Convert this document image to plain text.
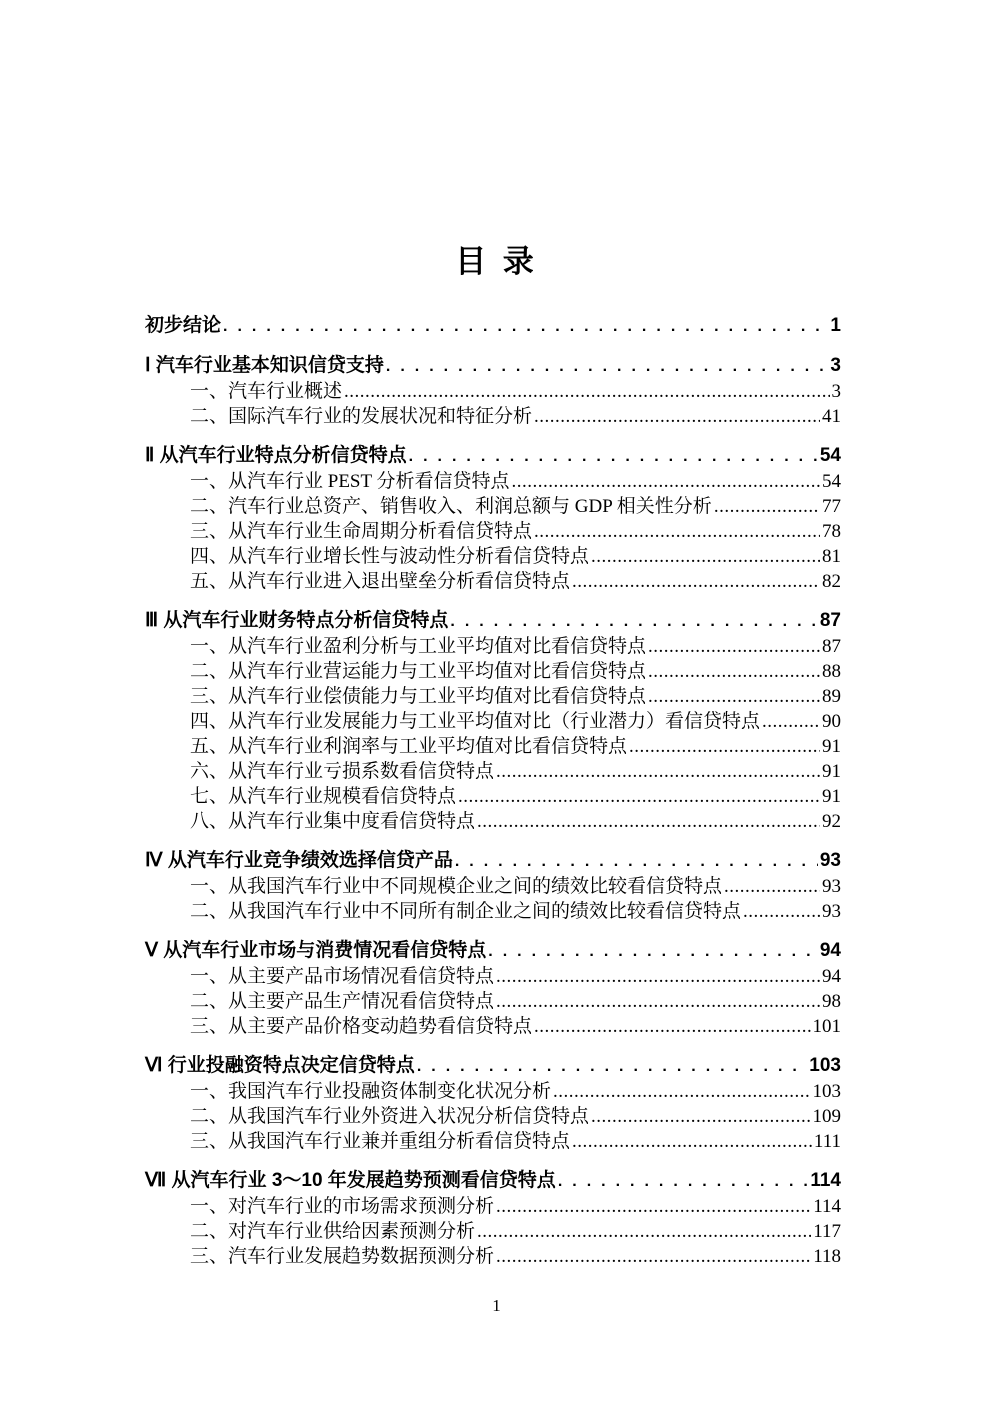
目 录
初步结论 .....	1
Ⅰ 汽车行业基本知识信贷支持 .....	3
一、汽车行业概述 .....	3
二、国际汽车行业的发展状况和特征分析 .....	41
Ⅱ 从汽车行业特点分析信贷特点 .....	54
一、从汽车行业 PEST 分析看信贷特点 .....	54
二、汽车行业总资产、销售收入、利润总额与 GDP 相关性分析 .....	77
三、从汽车行业生命周期分析看信贷特点 .....	78
四、从汽车行业增长性与波动性分析看信贷特点 .....	81
五、从汽车行业进入退出壁垒分析看信贷特点 .....	82
Ⅲ 从汽车行业财务特点分析信贷特点 .....	87
一、从汽车行业盈利分析与工业平均值对比看信贷特点 .....	87
二、从汽车行业营运能力与工业平均值对比看信贷特点 .....	88
三、从汽车行业偿债能力与工业平均值对比看信贷特点 .....	89
四、从汽车行业发展能力与工业平均值对比（行业潜力）看信贷特点 .....	90
五、从汽车行业利润率与工业平均值对比看信贷特点 .....	91
六、从汽车行业亏损系数看信贷特点 .....	91
七、从汽车行业规模看信贷特点 .....	91
八、从汽车行业集中度看信贷特点 .....	92
Ⅳ 从汽车行业竞争绩效选择信贷产品 .....	93
一、从我国汽车行业中不同规模企业之间的绩效比较看信贷特点 .....	93
二、从我国汽车行业中不同所有制企业之间的绩效比较看信贷特点 .....	93
Ⅴ 从汽车行业市场与消费情况看信贷特点 .....	94
一、从主要产品市场情况看信贷特点 .....	94
二、从主要产品生产情况看信贷特点 .....	98
三、从主要产品价格变动趋势看信贷特点 .....	101
Ⅵ 行业投融资特点决定信贷特点 .....	103
一、我国汽车行业投融资体制变化状况分析 .....	103
二、从我国汽车行业外资进入状况分析信贷特点 .....	109
三、从我国汽车行业兼并重组分析看信贷特点 .....	111
Ⅶ 从汽车行业 3～10 年发展趋势预测看信贷特点 .....	114
一、对汽车行业的市场需求预测分析 .....	114
二、对汽车行业供给因素预测分析 .....	117
三、汽车行业发展趋势数据预测分析 .....	118
1
